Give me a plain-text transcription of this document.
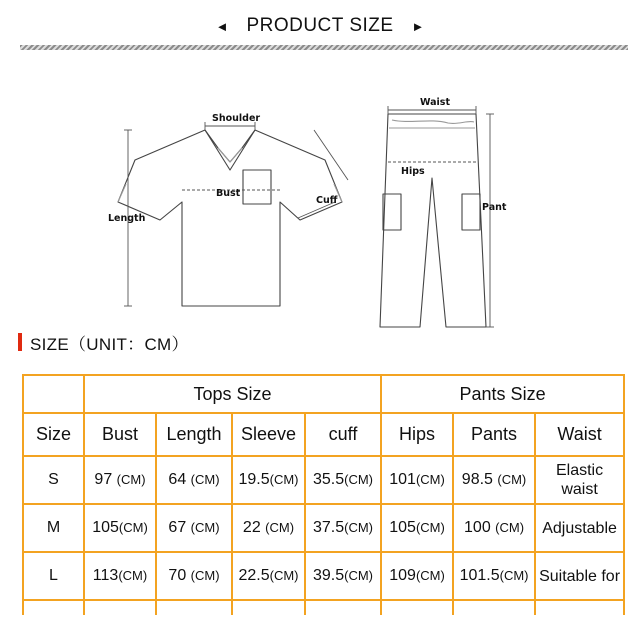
◄ PRODUCT SIZE ►
Shoulder
Bust
Length
Cuff
Waist
Hips
Pant
SIZE（UNIT：CM）
	Tops Size				Pants Size		
Size	Bust	Length	Sleeve	cuff	Hips	Pants	Waist
S	97 (CM)	64 (CM)	19.5(CM)	35.5(CM)	101(CM)	98.5 (CM)	Elastic waist
M	105(CM)	67 (CM)	22 (CM)	37.5(CM)	105(CM)	100 (CM)	Adjustable
L	113(CM)	70 (CM)	22.5(CM)	39.5(CM)	109(CM)	101.5(CM)	Suitable for
